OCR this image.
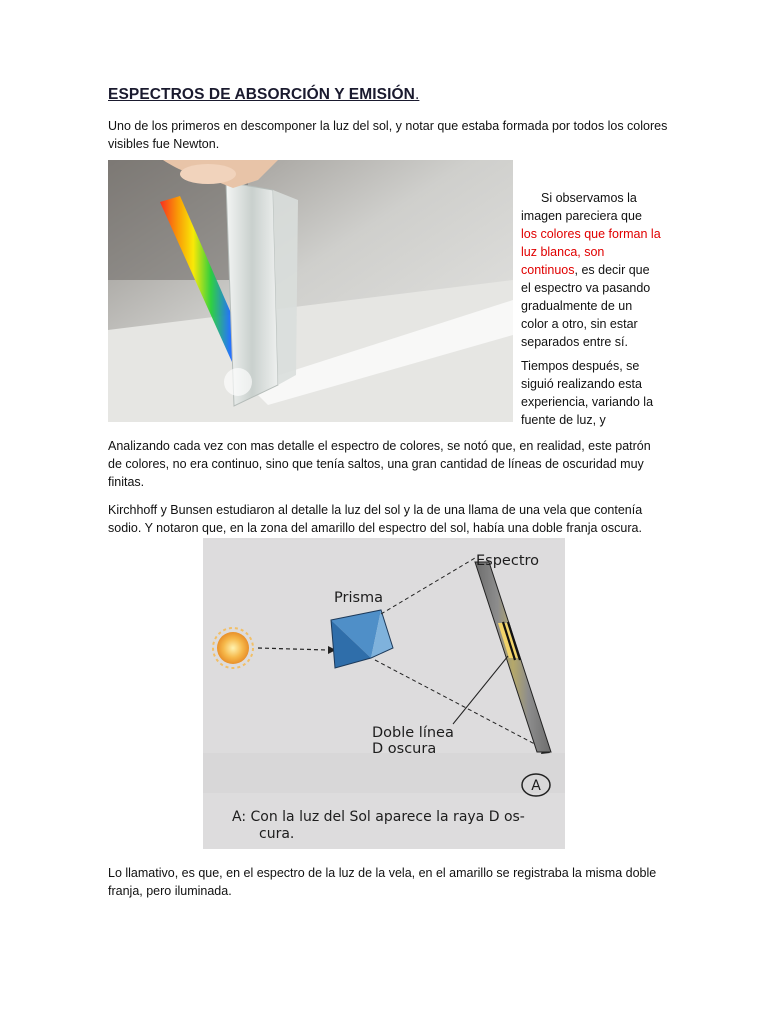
ESPECTROS DE ABSORCIÓN Y EMISIÓN.
Uno de los primeros en descomponer la luz del sol, y notar que estaba formada por todos los colores visibles fue Newton.
Si observamos la imagen pareciera que los colores que forman la luz blanca, son continuos, es decir que el espectro va pasando gradualmente de un color a otro, sin estar separados entre sí.
Tiempos después, se siguió realizando esta experiencia, variando la fuente de luz, y
Analizando cada vez con mas detalle el espectro de colores, se notó que, en realidad, este patrón de colores, no era continuo, sino que tenía saltos, una gran cantidad de líneas de oscuridad muy finitas.
Kirchhoff y Bunsen estudiaron al detalle la luz del sol y la de una llama de una vela que contenía sodio. Y notaron que, en la zona del amarillo del espectro del sol, había una doble franja oscura.
Espectro
Prisma
Doble línea
D oscura
A
A: Con la luz del Sol aparece la raya D os-
cura.
Lo llamativo, es que, en el espectro de la luz de la vela, en el amarillo se registraba la misma doble franja, pero iluminada.
